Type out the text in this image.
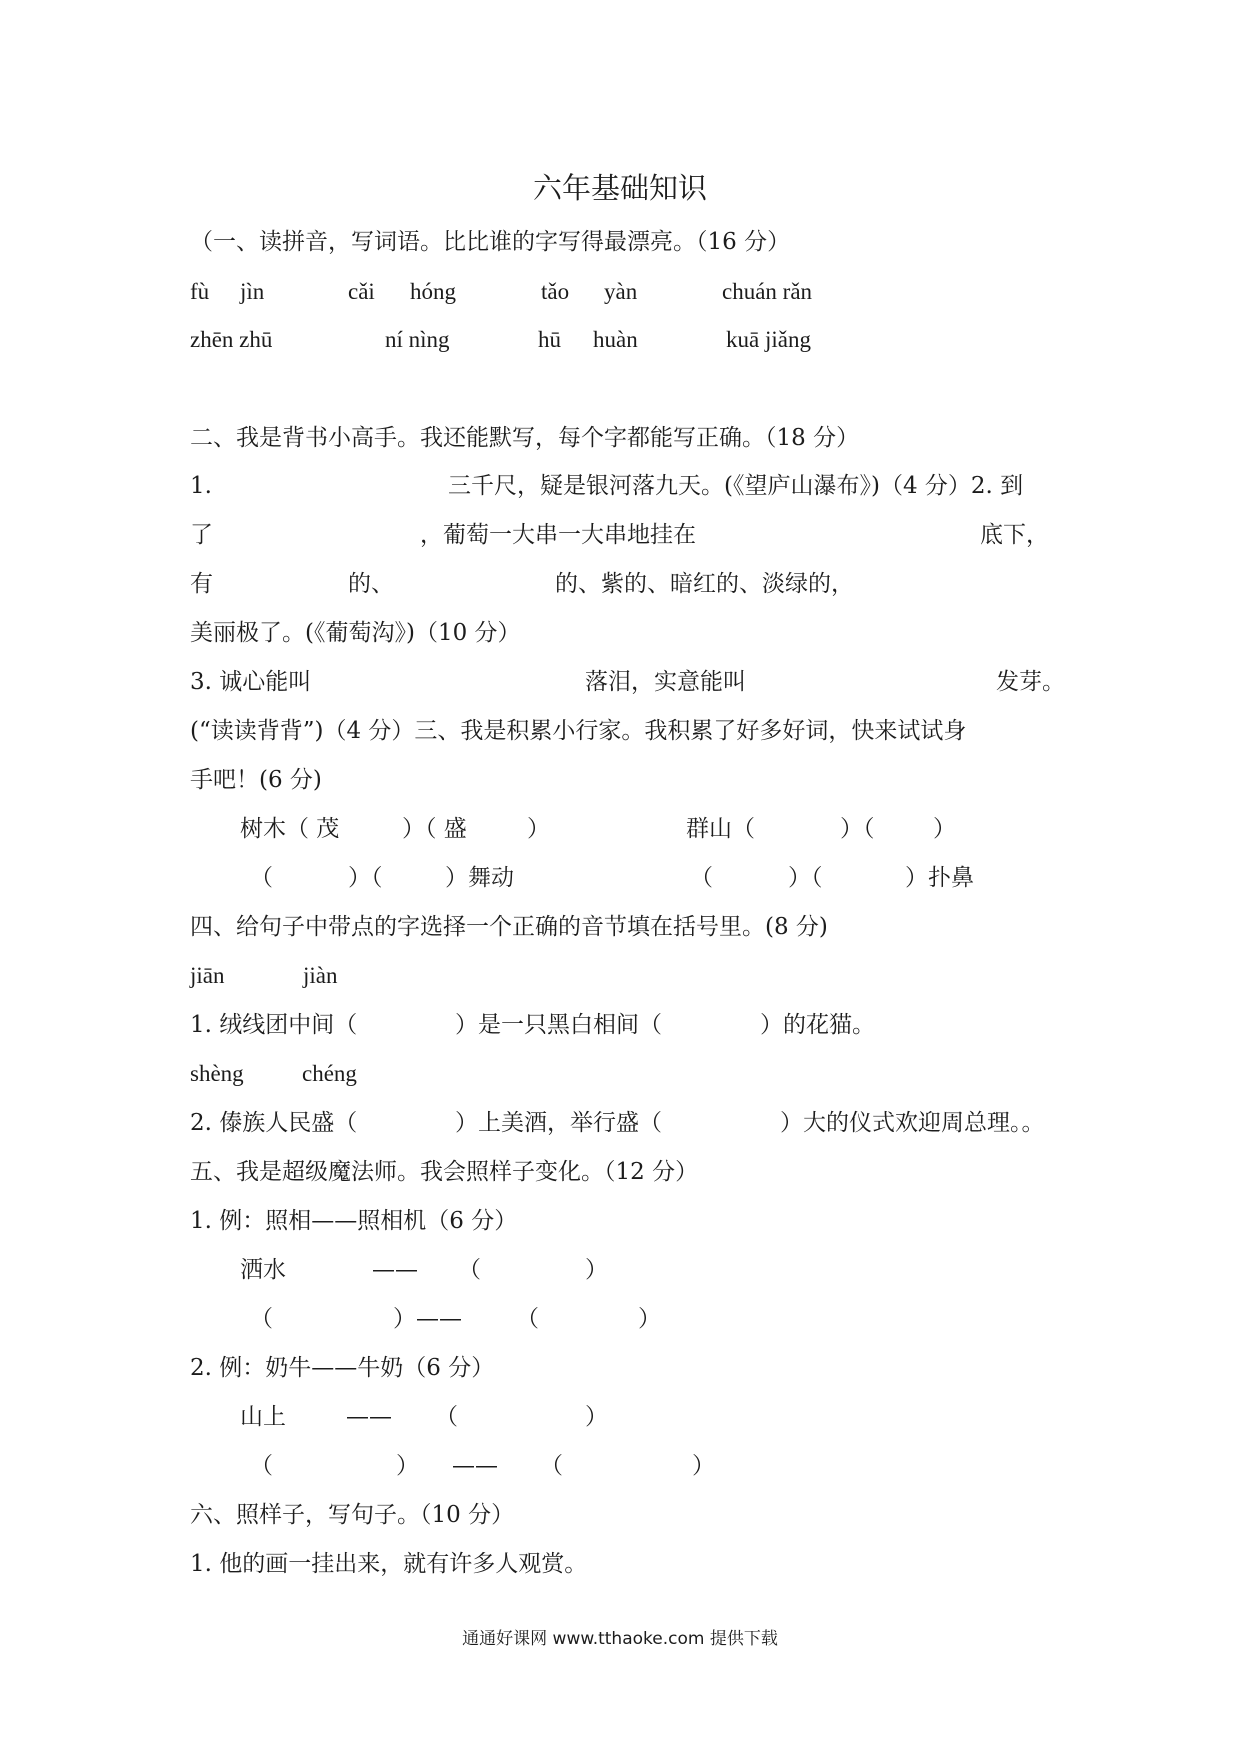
六年基础知识
（一、读拼音，写词语。比比谁的字写得最漂亮。（16 分）
fù jìn	cǎi hóng	tǎo yàn	chuán rǎn
zhēn zhū	ní nìng	hū huàn	kuā jiǎng
二、我是背书小高手。我还能默写，每个字都能写正确。（18 分）
1.	三千尺，疑是银河落九天。(《望庐山瀑布》)（4 分）2. 到
了	，葡萄一大串一大串地挂在	底下，
有	的、	的、紫的、暗红的、淡绿的，
美丽极了。(《葡萄沟》)（10 分）
3. 诚心能叫	落泪，实意能叫	发芽。
(“读读背背”)（4 分）三、我是积累小行家。我积累了好多好词，快来试试身
手吧！(6 分)
树木（ 茂	）（ 盛	）	群山（	）（	）
（	）（	）舞动	（	）（	）扑鼻
四、给句子中带点的字选择一个正确的音节填在括号里。(8 分)
jiān	jiàn
1. 绒线团中间（	）是一只黑白相间（	）的花猫。
shèng	chéng
2. 傣族人民盛（	）上美酒，举行盛（	）大的仪式欢迎周总理。。
五、我是超级魔法师。我会照样子变化。（12 分）
1. 例：照相——照相机（6 分）
洒水	—— （	）
（	）—— （	）
2. 例：奶牛——牛奶（6 分）
山上	—— （	）
（	） —— （	）
六、照样子，写句子。（10 分）
1. 他的画一挂出来，就有许多人观赏。
通通好课网 www.tthaoke.com 提供下载
